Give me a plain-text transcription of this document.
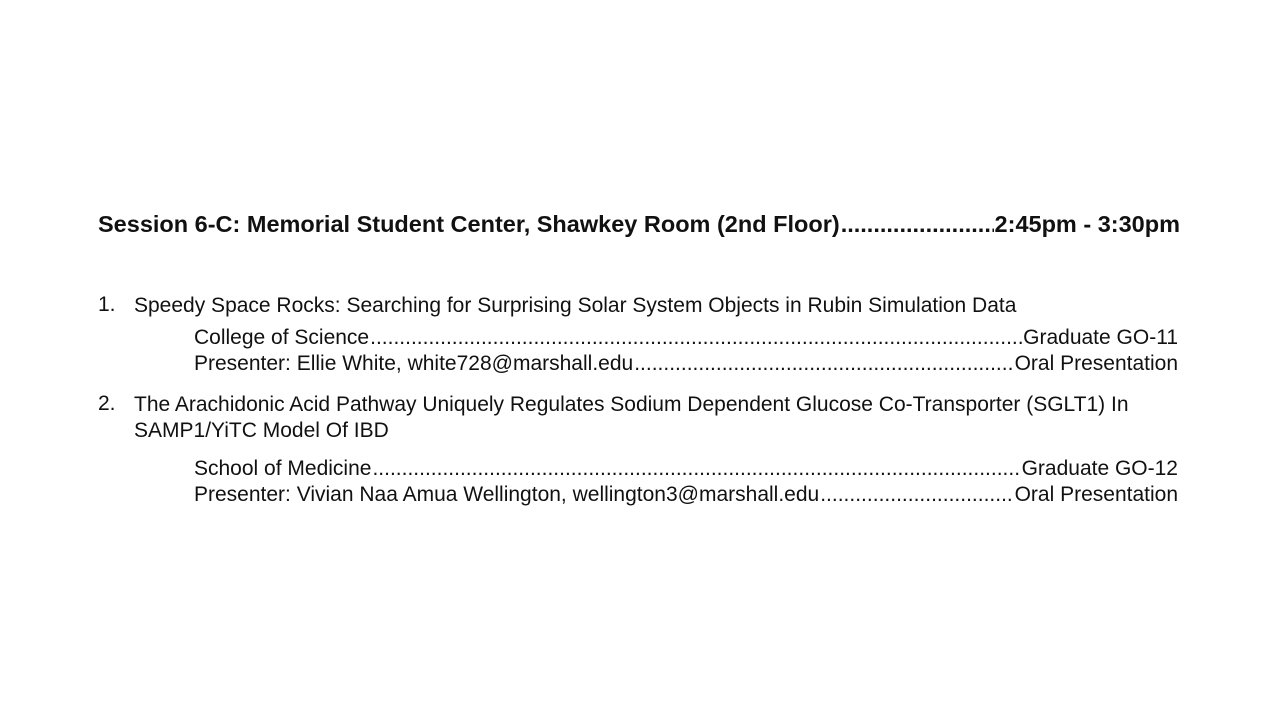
Session 6-C: Memorial Student Center, Shawkey Room (2nd Floor) .....	2:45pm - 3:30pm
1. Speedy Space Rocks: Searching for Surprising Solar System Objects in Rubin Simulation Data
College of Science .....	Graduate GO-11
Presenter: Ellie White, white728@marshall.edu .....	Oral Presentation
2. The Arachidonic Acid Pathway Uniquely Regulates Sodium Dependent Glucose Co-Transporter (SGLT1) In SAMP1/YiTC Model Of IBD
School of Medicine .....	Graduate GO-12
Presenter: Vivian Naa Amua Wellington, wellington3@marshall.edu .....	Oral Presentation
